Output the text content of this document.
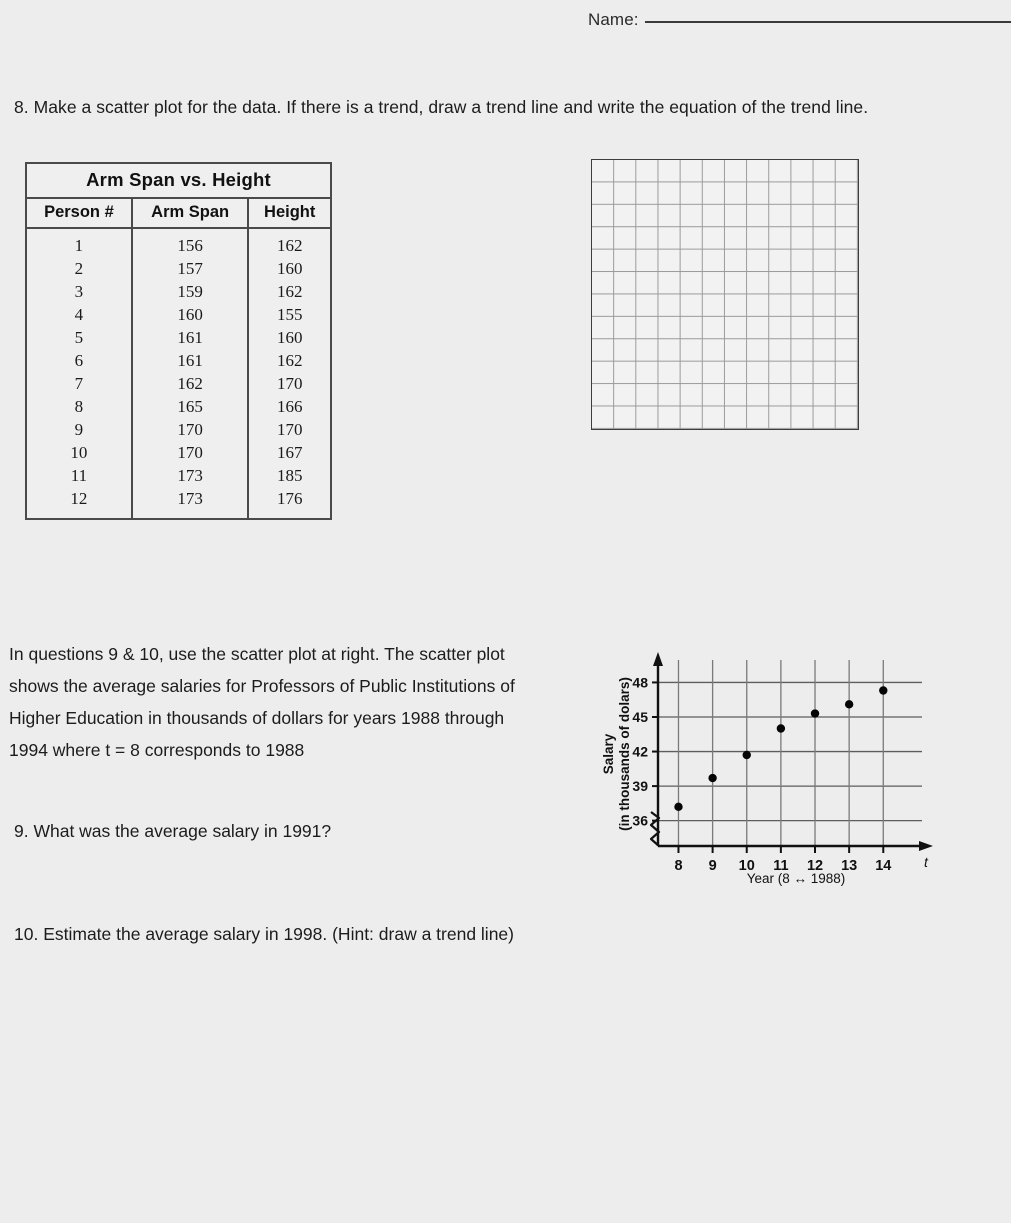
Name:
8. Make a scatter plot for the data. If there is a trend, draw a trend line and write the equation of the trend line.
Arm Span vs. Height
Person #	Arm Span	Height
1	156	162
2	157	160
3	159	162
4	160	155
5	161	160
6	161	162
7	162	170
8	165	166
9	170	170
10	170	167
11	173	185
12	173	176
In questions 9 & 10, use the scatter plot at right. The scatter plot shows the average salaries for Professors of Public Institutions of Higher Education in thousands of dollars for years 1988 through 1994 where t = 8 corresponds to 1988
9. What was the average salary in 1991?
10. Estimate the average salary in 1998. (Hint: draw a trend line)
36
39
42
45
48
8 9 10 11 12 13 14
Year (8 ↔ 1988)
t
Salary (in thousands of dolars)
